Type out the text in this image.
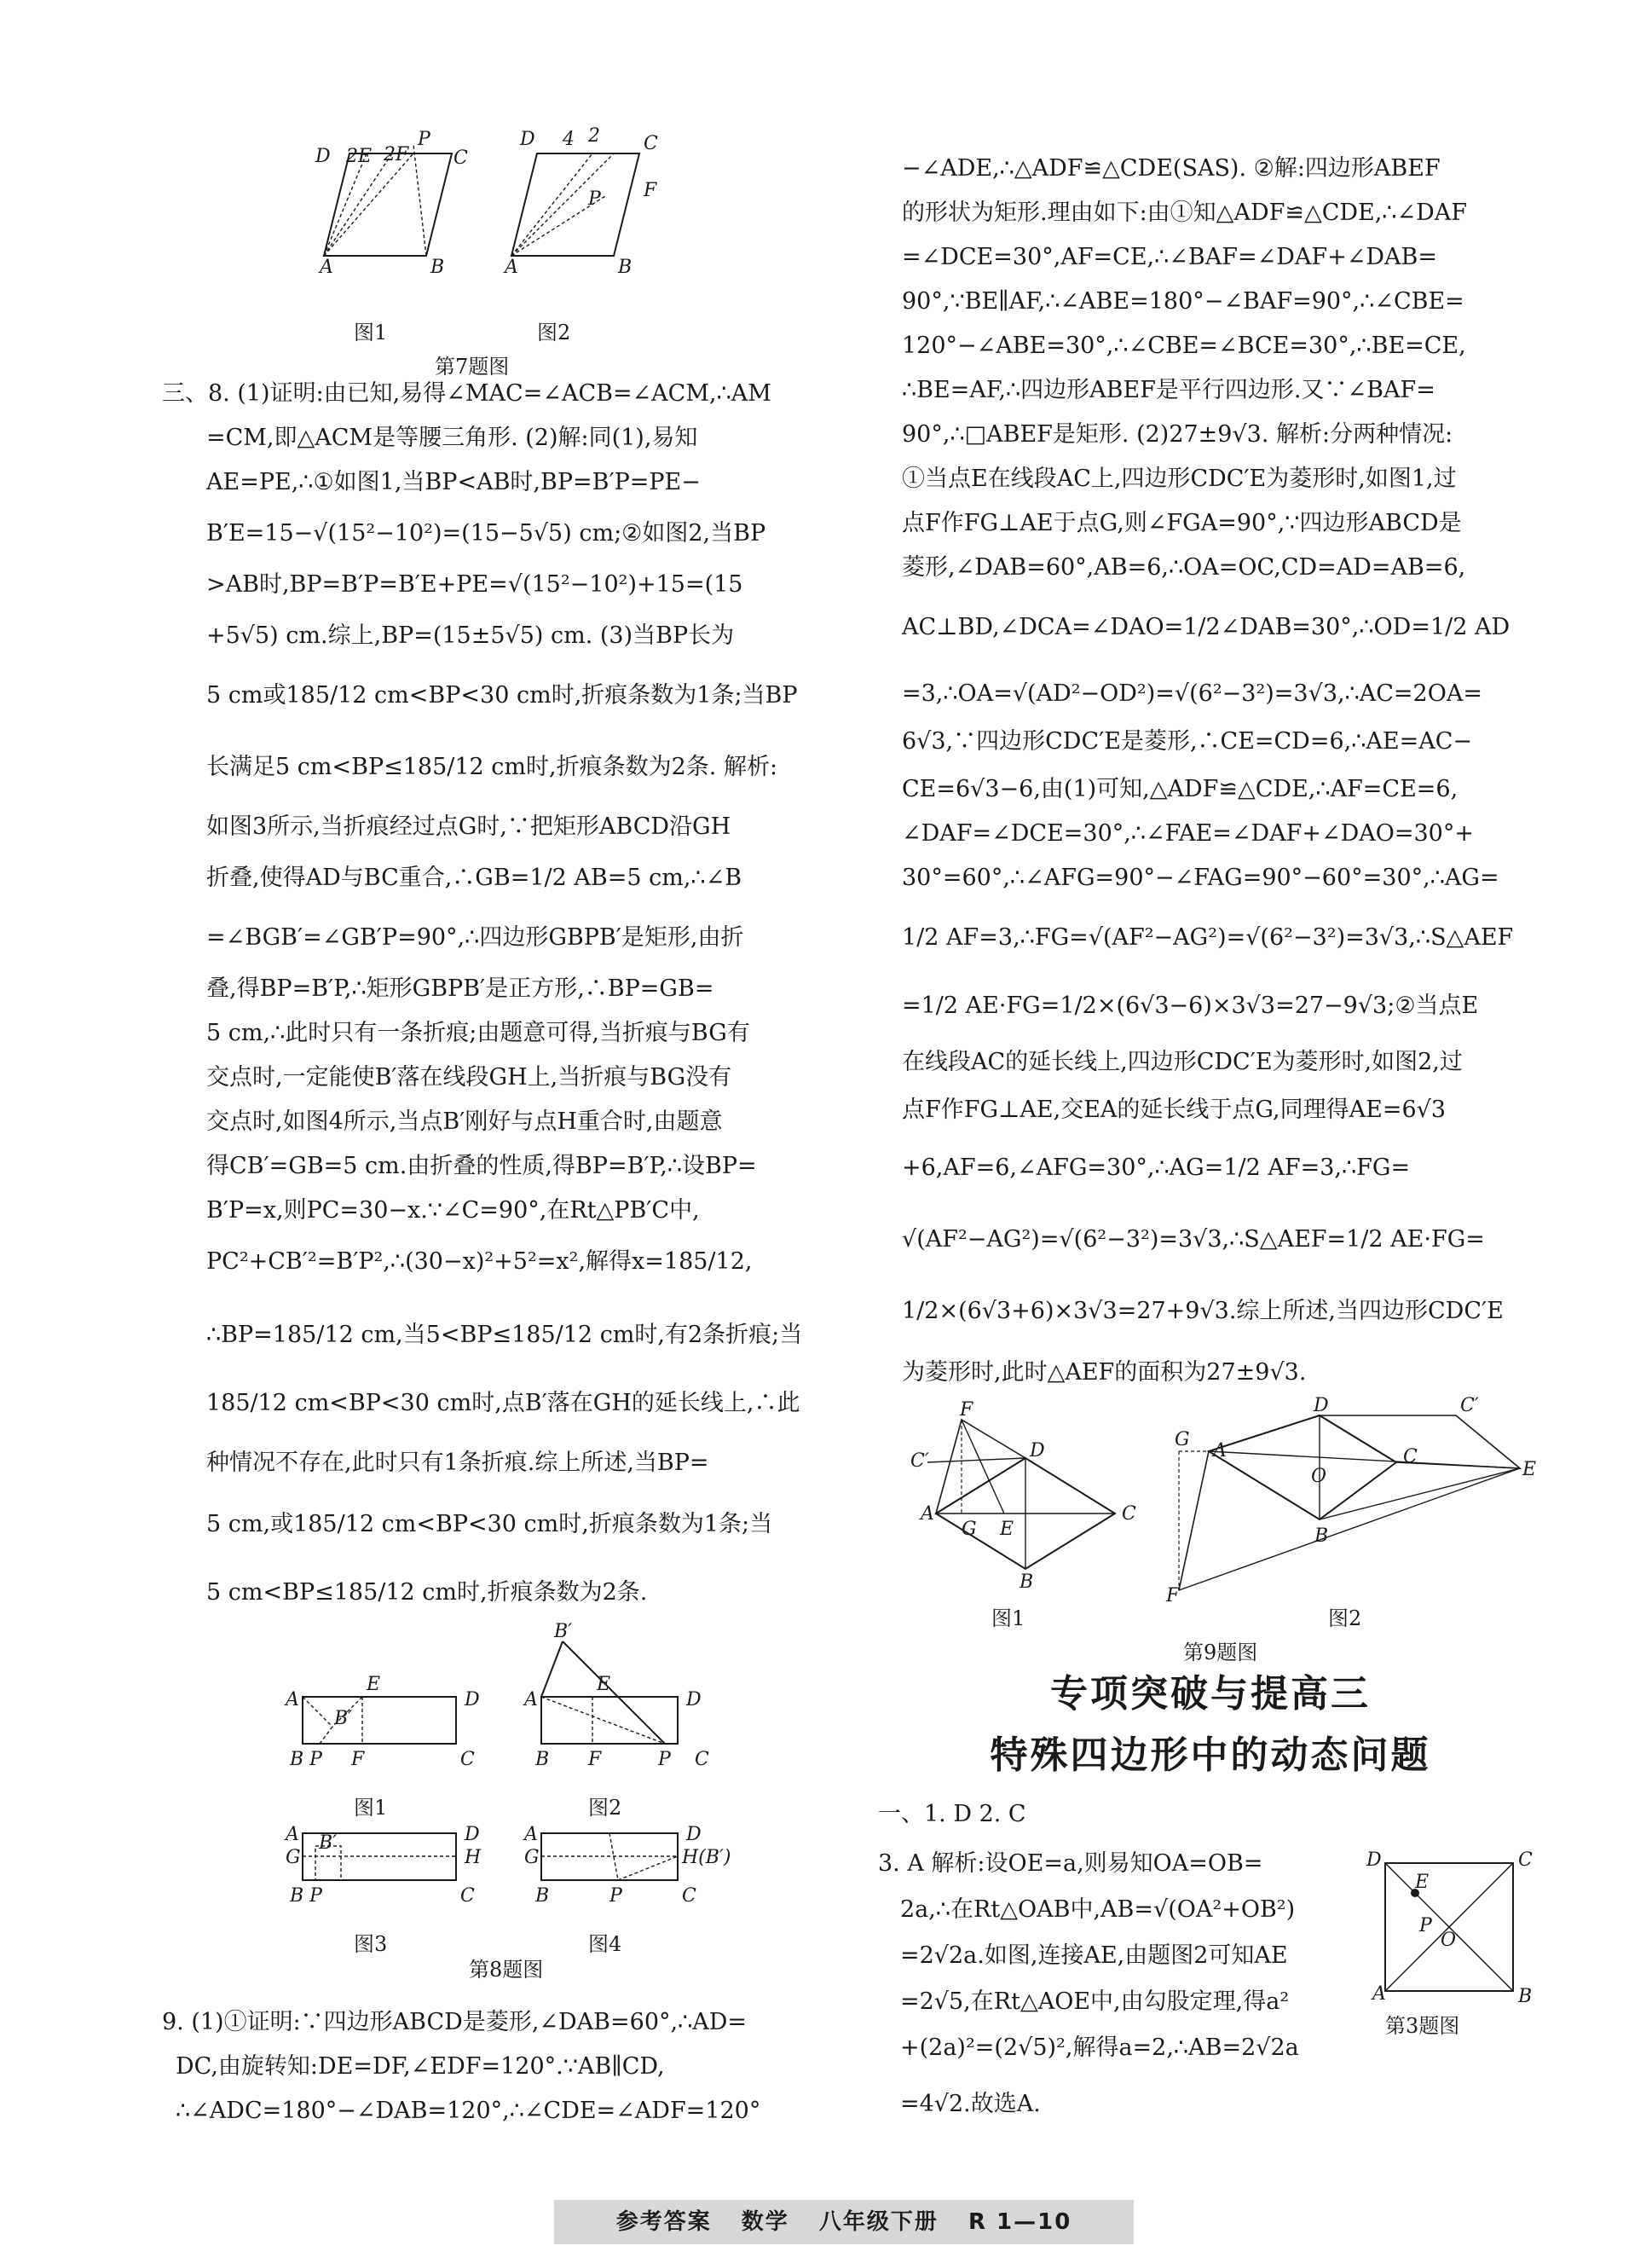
D 2E 2F
P
C
A	B
D 4 2 C
P F
A	B
图1	图2
第7题图
三、8. (1)证明:由已知,易得∠MAC=∠ACB=∠ACM,∴AM
=CM,即△ACM是等腰三角形. (2)解:同(1),易知
AE=PE,∴①如图1,当BP<AB时,BP=B′P=PE−
B′E=15−√(15²−10²)=(15−5√5) cm;②如图2,当BP
>AB时,BP=B′P=B′E+PE=√(15²−10²)+15=(15
+5√5) cm.综上,BP=(15±5√5) cm. (3)当BP长为
5 cm或185/12 cm<BP<30 cm时,折痕条数为1条;当BP
长满足5 cm<BP≤185/12 cm时,折痕条数为2条. 解析:
如图3所示,当折痕经过点G时,∵把矩形ABCD沿GH
折叠,使得AD与BC重合,∴GB=1/2 AB=5 cm,∴∠B
=∠BGB′=∠GB′P=90°,∴四边形GBPB′是矩形,由折
叠,得BP=B′P,∴矩形GBPB′是正方形,∴BP=GB=
5 cm,∴此时只有一条折痕;由题意可得,当折痕与BG有
交点时,一定能使B′落在线段GH上,当折痕与BG没有
交点时,如图4所示,当点B′刚好与点H重合时,由题意
得CB′=GB=5 cm.由折叠的性质,得BP=B′P,∴设BP=
B′P=x,则PC=30−x.∵∠C=90°,在Rt△PB′C中,
PC²+CB′²=B′P²,∴(30−x)²+5²=x²,解得x=185/12,
∴BP=185/12 cm,当5<BP≤185/12 cm时,有2条折痕;当
185/12 cm<BP<30 cm时,点B′落在GH的延长线上,∴此
种情况不存在,此时只有1条折痕.综上所述,当BP=
5 cm,或185/12 cm<BP<30 cm时,折痕条数为1条;当
5 cm<BP≤185/12 cm时,折痕条数为2条.
A
E
D
B′
B P F	C
B′
A
E
D
B F	P C
A
G
B′	D
H
B P	C
A
G
D
H(B′)
B	P	C
图1	图2
图3	图4
第8题图
9. (1)①证明:∵四边形ABCD是菱形,∠DAB=60°,∴AD=
DC,由旋转知:DE=DF,∠EDF=120°.∵AB∥CD,
∴∠ADC=180°−∠DAB=120°,∴∠CDE=∠ADF=120°
−∠ADE,∴△ADF≌△CDE(SAS). ②解:四边形ABEF
的形状为矩形.理由如下:由①知△ADF≌△CDE,∴∠DAF
=∠DCE=30°,AF=CE,∴∠BAF=∠DAF+∠DAB=
90°,∵BE∥AF,∴∠ABE=180°−∠BAF=90°,∴∠CBE=
120°−∠ABE=30°,∴∠CBE=∠BCE=30°,∴BE=CE,
∴BE=AF,∴四边形ABEF是平行四边形.又∵∠BAF=
90°,∴□ABEF是矩形. (2)27±9√3. 解析:分两种情况:
①当点E在线段AC上,四边形CDC′E为菱形时,如图1,过
点F作FG⊥AE于点G,则∠FGA=90°,∵四边形ABCD是
菱形,∠DAB=60°,AB=6,∴OA=OC,CD=AD=AB=6,
AC⊥BD,∠DCA=∠DAO=1/2∠DAB=30°,∴OD=1/2 AD
=3,∴OA=√(AD²−OD²)=√(6²−3²)=3√3,∴AC=2OA=
6√3,∵四边形CDC′E是菱形,∴CE=CD=6,∴AE=AC−
CE=6√3−6,由(1)可知,△ADF≌△CDE,∴AF=CE=6,
∠DAF=∠DCE=30°,∴∠FAE=∠DAF+∠DAO=30°+
30°=60°,∴∠AFG=90°−∠FAG=90°−60°=30°,∴AG=
1/2 AF=3,∴FG=√(AF²−AG²)=√(6²−3²)=3√3,∴S△AEF
=1/2 AE·FG=1/2×(6√3−6)×3√3=27−9√3;②当点E
在线段AC的延长线上,四边形CDC′E为菱形时,如图2,过
点F作FG⊥AE,交EA的延长线于点G,同理得AE=6√3
+6,AF=6,∠AFG=30°,∴AG=1/2 AF=3,∴FG=
√(AF²−AG²)=√(6²−3²)=3√3,∴S△AEF=1/2 AE·FG=
1/2×(6√3+6)×3√3=27+9√3.综上所述,当四边形CDC′E
为菱形时,此时△AEF的面积为27±9√3.
F
C′	D
A
G E
C
B
G
A
D	C′
O
C
E
B
F
图1	图2
第9题图
专项突破与提高三
特殊四边形中的动态问题
一、1. D 2. C
3. A 解析:设OE=a,则易知OA=OB=
2a,∴在Rt△OAB中,AB=√(OA²+OB²)
=2√2a.如图,连接AE,由题图2可知AE
=2√5,在Rt△AOE中,由勾股定理,得a²
+(2a)²=(2√5)²,解得a=2,∴AB=2√2a
=4√2.故选A.
D	C
E
P
O
A	B
第3题图
参考答案 数学 八年级下册 R 1—10
